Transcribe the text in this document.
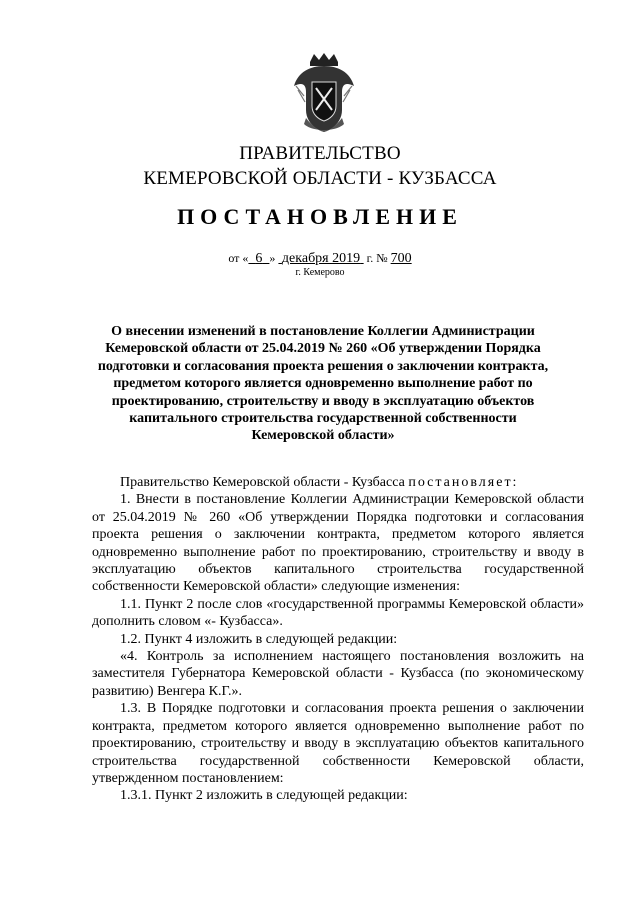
ПРАВИТЕЛЬСТВО
КЕМЕРОВСКОЙ ОБЛАСТИ - КУЗБАССА
ПОСТАНОВЛЕНИЕ
от « 6 » декабря 2019 г. № 700
г. Кемерово
О внесении изменений в постановление Коллегии Администрации Кемеровской области от 25.04.2019 № 260 «Об утверждении Порядка подготовки и согласования проекта решения о заключении контракта, предметом которого является одновременно выполнение работ по проектированию, строительству и вводу в эксплуатацию объектов капитального строительства государственной собственности Кемеровской области»

Правительство Кемеровской области - Кузбасса постановляет:

1. Внести в постановление Коллегии Администрации Кемеровской области от 25.04.2019 № 260 «Об утверждении Порядка подготовки и согласования проекта решения о заключении контракта, предметом которого является одновременно выполнение работ по проектированию, строительству и вводу в эксплуатацию объектов капитального строительства государственной собственности Кемеровской области» следующие изменения:

1.1. Пункт 2 после слов «государственной программы Кемеровской области» дополнить словом «- Кузбасса».

1.2. Пункт 4 изложить в следующей редакции:

«4. Контроль за исполнением настоящего постановления возложить на заместителя Губернатора Кемеровской области - Кузбасса (по экономическому развитию) Венгера К.Г.».

1.3. В Порядке подготовки и согласования проекта решения о заключении контракта, предметом которого является одновременно выполнение работ по проектированию, строительству и вводу в эксплуатацию объектов капитального строительства государственной собственности Кемеровской области, утвержденном постановлением:

1.3.1. Пункт 2 изложить в следующей редакции:
